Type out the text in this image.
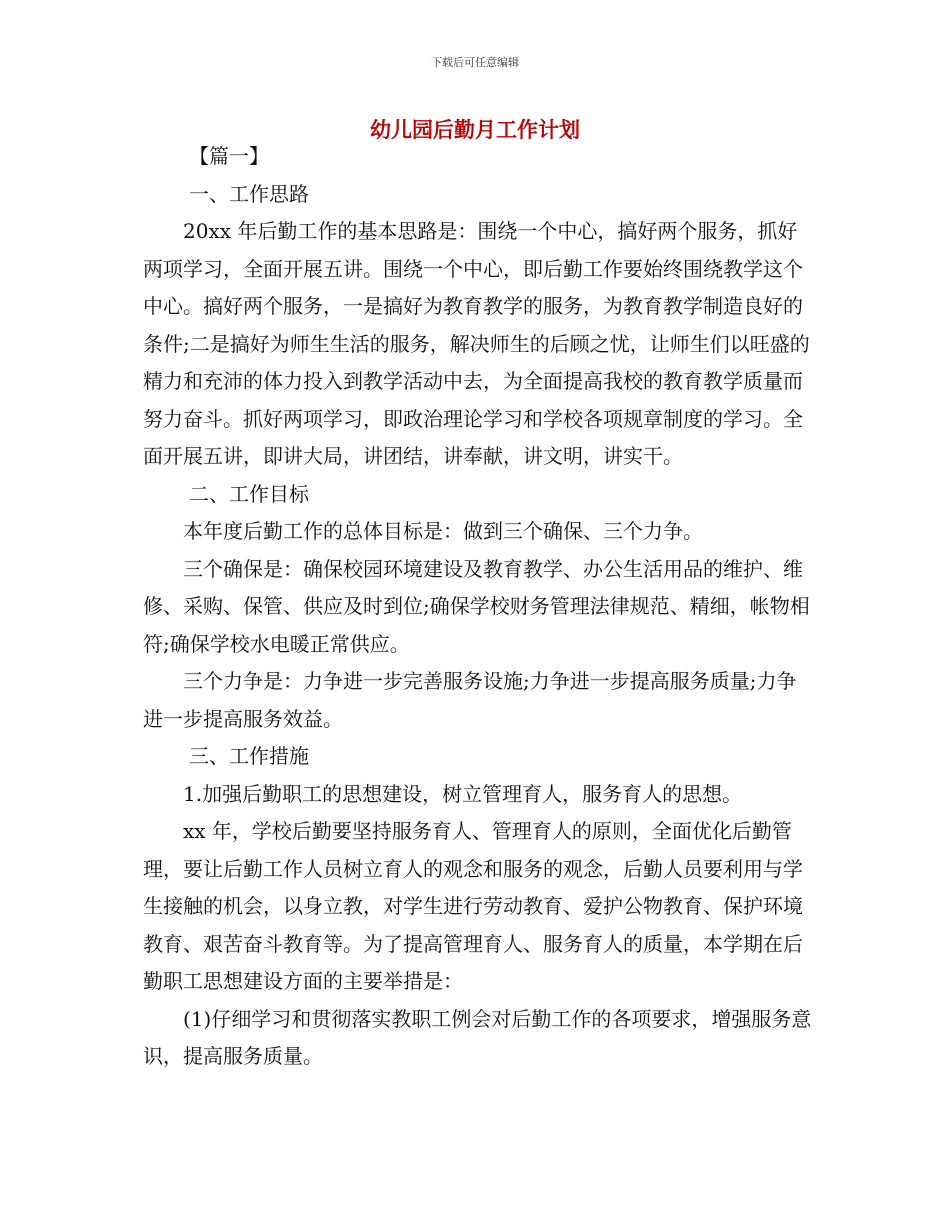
下载后可任意编辑
幼儿园后勤月工作计划

【篇一】

一、工作思路

20xx 年后勤工作的基本思路是：围绕一个中心，搞好两个服务，抓好两项学习，全面开展五讲。围绕一个中心，即后勤工作要始终围绕教学这个中心。搞好两个服务，一是搞好为教育教学的服务，为教育教学制造良好的条件;二是搞好为师生生活的服务，解决师生的后顾之忧，让师生们以旺盛的精力和充沛的体力投入到教学活动中去，为全面提高我校的教育教学质量而努力奋斗。抓好两项学习，即政治理论学习和学校各项规章制度的学习。全面开展五讲，即讲大局，讲团结，讲奉献，讲文明，讲实干。

二、工作目标

本年度后勤工作的总体目标是：做到三个确保、三个力争。

三个确保是：确保校园环境建设及教育教学、办公生活用品的维护、维修、采购、保管、供应及时到位;确保学校财务管理法律规范、精细，帐物相符;确保学校水电暖正常供应。

三个力争是：力争进一步完善服务设施;力争进一步提高服务质量;力争进一步提高服务效益。

三、工作措施

1.加强后勤职工的思想建设，树立管理育人，服务育人的思想。

xx 年，学校后勤要坚持服务育人、管理育人的原则，全面优化后勤管理，要让后勤工作人员树立育人的观念和服务的观念，后勤人员要利用与学生接触的机会，以身立教，对学生进行劳动教育、爱护公物教育、保护环境教育、艰苦奋斗教育等。为了提高管理育人、服务育人的质量，本学期在后勤职工思想建设方面的主要举措是：

(1)仔细学习和贯彻落实教职工例会对后勤工作的各项要求，增强服务意识，提高服务质量。
